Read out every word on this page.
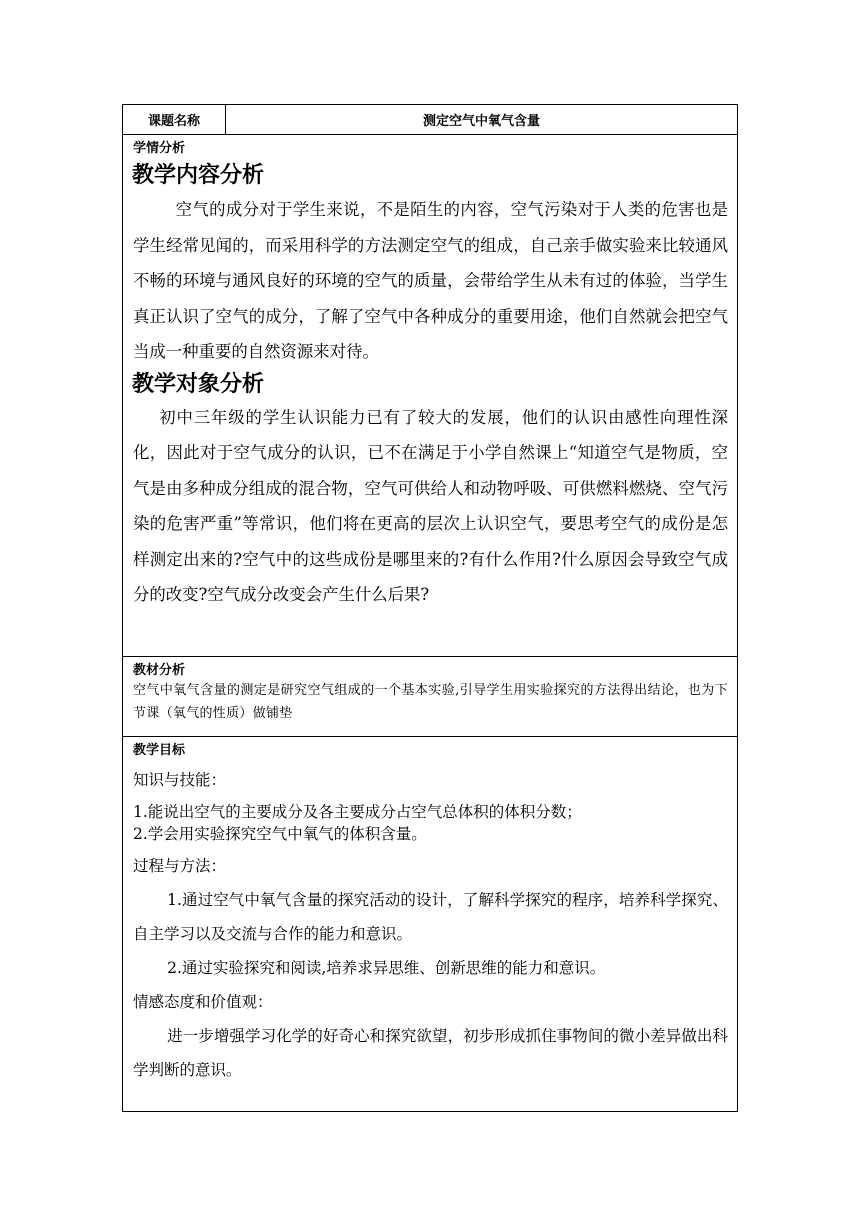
课题名称	测定空气中氧气含量
学情分析
教学内容分析
空气的成分对于学生来说，不是陌生的内容，空气污染对于人类的危害也是学生经常见闻的，而采用科学的方法测定空气的组成，自己亲手做实验来比较通风不畅的环境与通风良好的环境的空气的质量，会带给学生从未有过的体验，当学生真正认识了空气的成分，了解了空气中各种成分的重要用途，他们自然就会把空气当成一种重要的自然资源来对待。
教学对象分析
初中三年级的学生认识能力已有了较大的发展，他们的认识由感性向理性深化，因此对于空气成分的认识，已不在满足于小学自然课上“知道空气是物质，空气是由多种成分组成的混合物，空气可供给人和动物呼吸、可供燃料燃烧、空气污染的危害严重”等常识，他们将在更高的层次上认识空气，要思考空气的成份是怎样测定出来的?空气中的这些成份是哪里来的?有什么作用?什么原因会导致空气成分的改变?空气成分改变会产生什么后果?
教材分析
空气中氧气含量的测定是研究空气组成的一个基本实验,引导学生用实验探究的方法得出结论，也为下节课（氧气的性质）做铺垫
教学目标
知识与技能：
1.能说出空气的主要成分及各主要成分占空气总体积的体积分数；
2.学会用实验探究空气中氧气的体积含量。
过程与方法：
1.通过空气中氧气含量的探究活动的设计，了解科学探究的程序，培养科学探究、自主学习以及交流与合作的能力和意识。
2.通过实验探究和阅读,培养求异思维、创新思维的能力和意识。
情感态度和价值观：
进一步增强学习化学的好奇心和探究欲望，初步形成抓住事物间的微小差异做出科学判断的意识。
